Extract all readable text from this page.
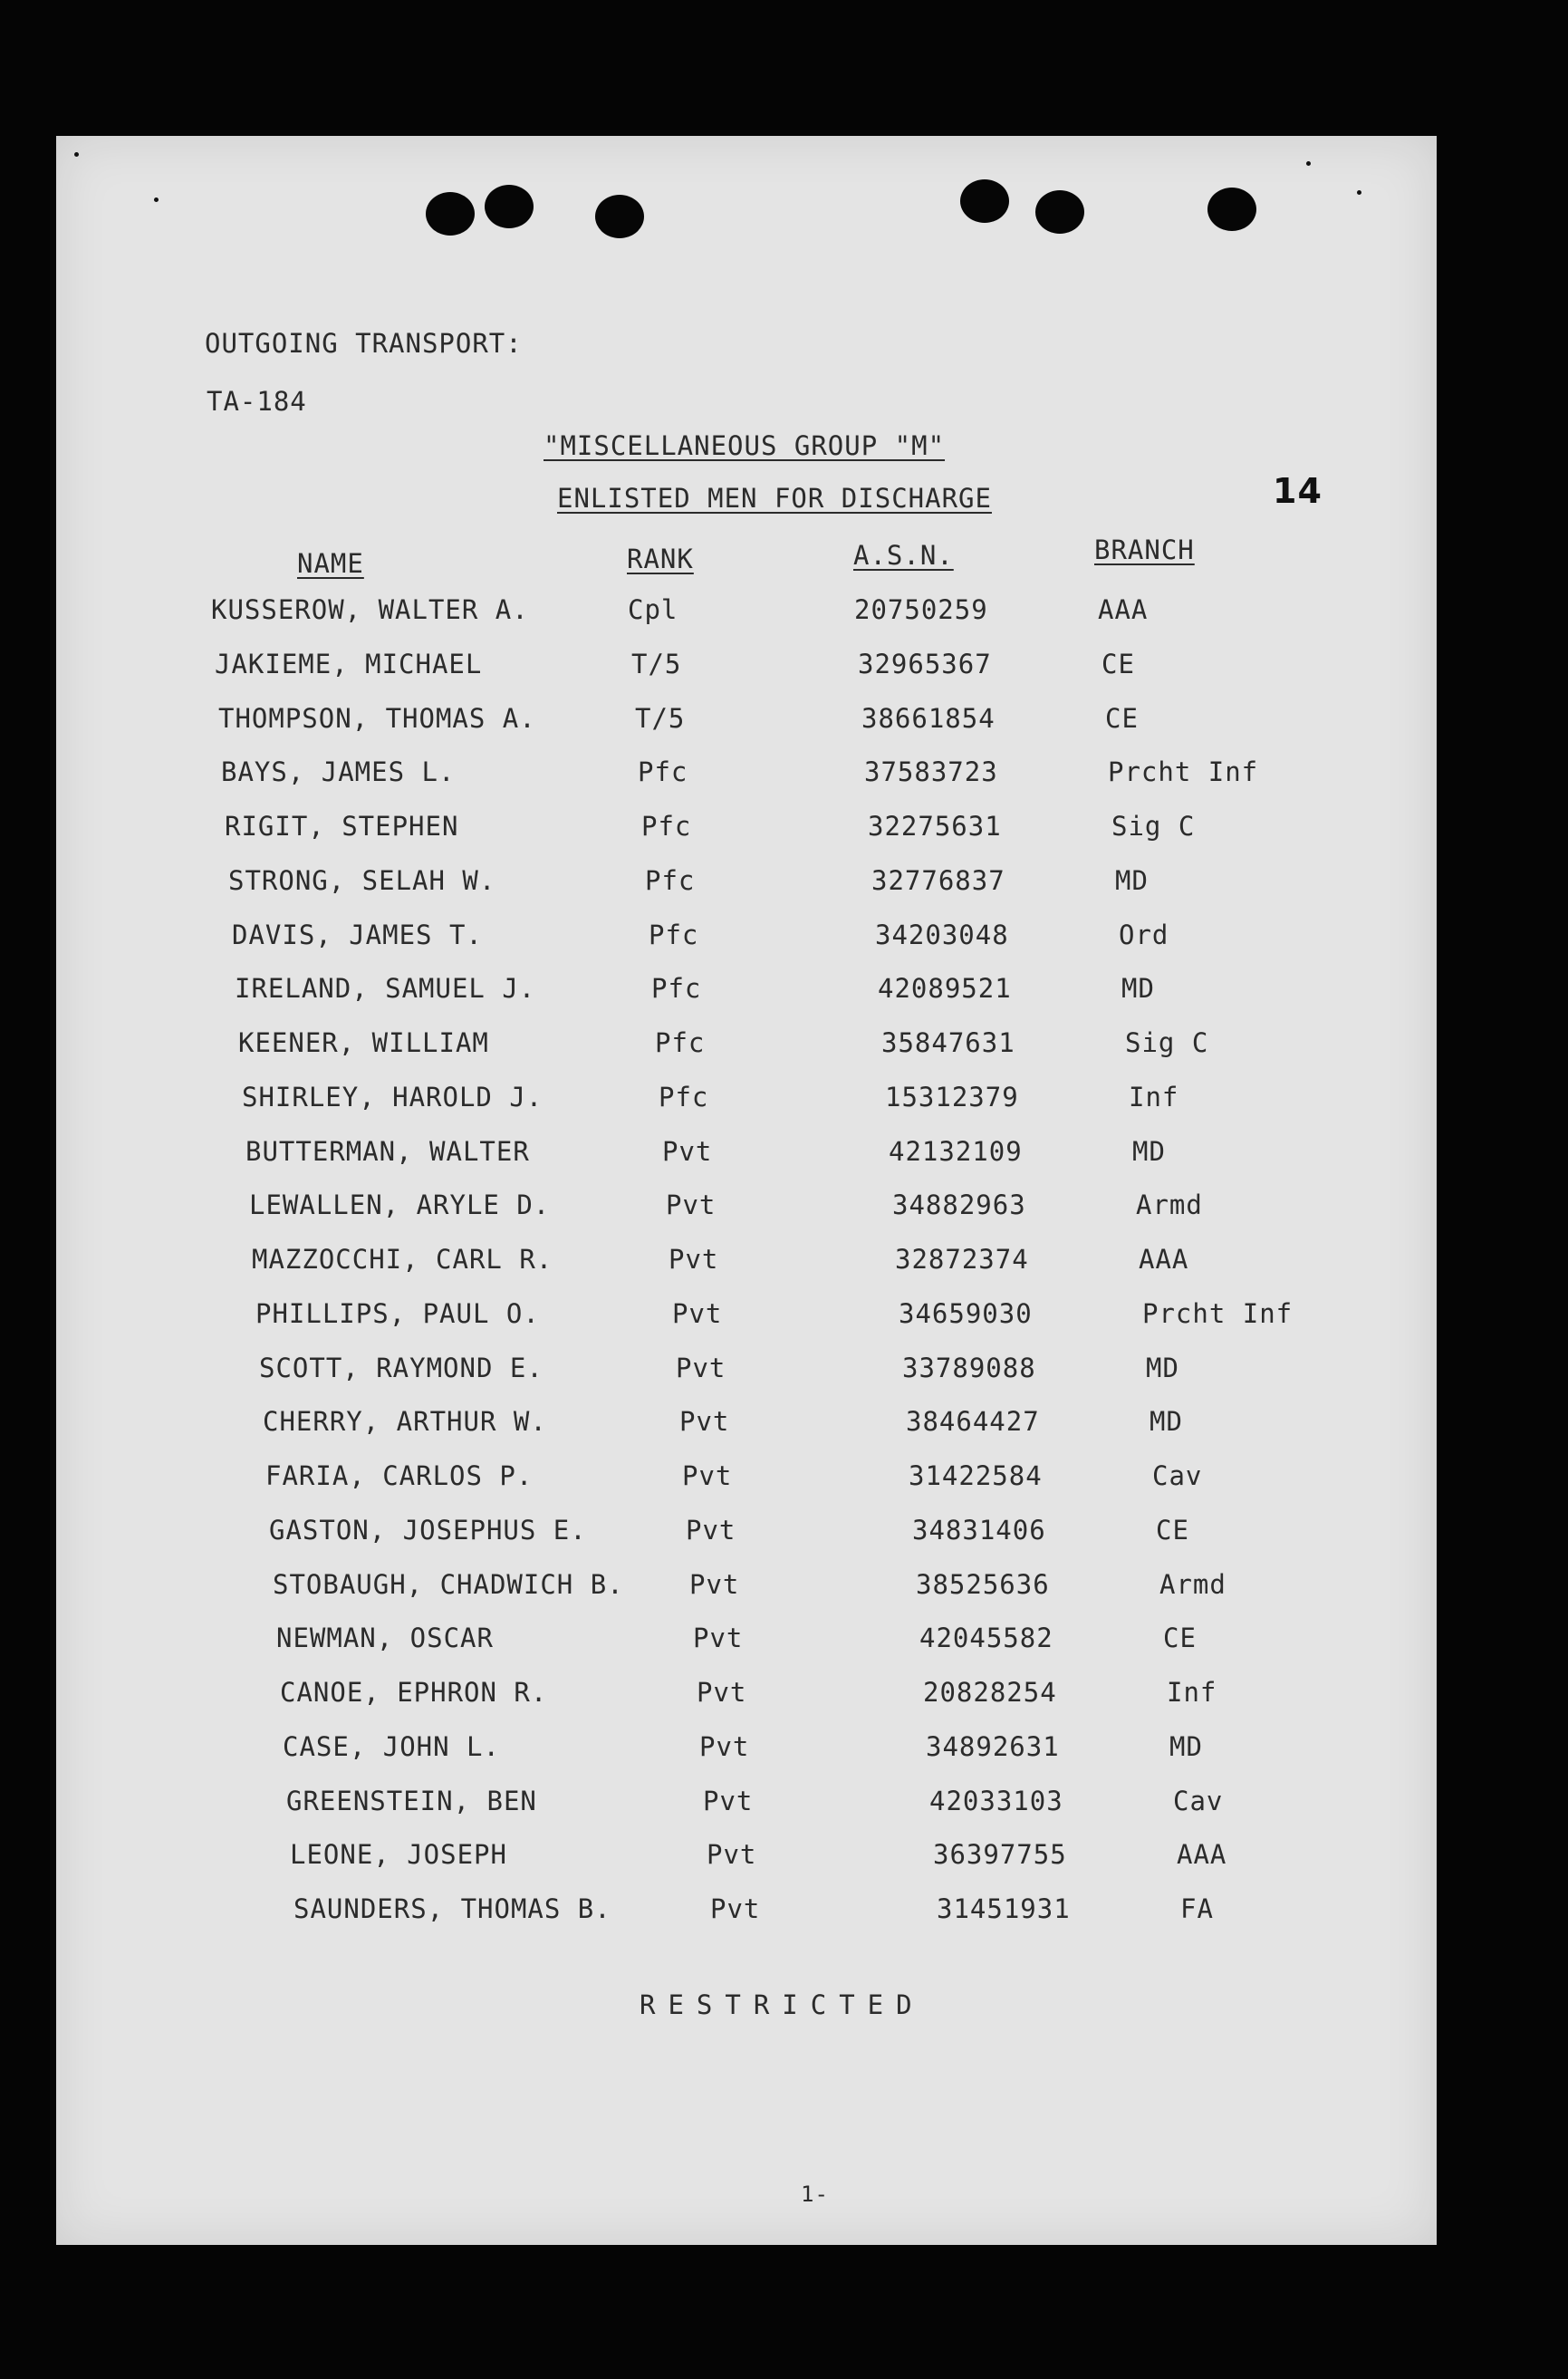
OUTGOING TRANSPORT:
TA-184
"MISCELLANEOUS GROUP "M"
ENLISTED MEN FOR DISCHARGE	14
NAME	RANK	A.S.N.	BRANCH
KUSSEROW, WALTER A.	Cpl	20750259	AAA
JAKIEME, MICHAEL	T/5	32965367	CE
THOMPSON, THOMAS A.	T/5	38661854	CE
BAYS, JAMES L.	Pfc	37583723	Prcht Inf
RIGIT, STEPHEN	Pfc	32275631	Sig C
STRONG, SELAH W.	Pfc	32776837	MD
DAVIS, JAMES T.	Pfc	34203048	Ord
IRELAND, SAMUEL J.	Pfc	42089521	MD
KEENER, WILLIAM	Pfc	35847631	Sig C
SHIRLEY, HAROLD J.	Pfc	15312379	Inf
BUTTERMAN, WALTER	Pvt	42132109	MD
LEWALLEN, ARYLE D.	Pvt	34882963	Armd
MAZZOCCHI, CARL R.	Pvt	32872374	AAA
PHILLIPS, PAUL O.	Pvt	34659030	Prcht Inf
SCOTT, RAYMOND E.	Pvt	33789088	MD
CHERRY, ARTHUR W.	Pvt	38464427	MD
FARIA, CARLOS P.	Pvt	31422584	Cav
GASTON, JOSEPHUS E.	Pvt	34831406	CE
STOBAUGH, CHADWICH B. Pvt	38525636	Armd
NEWMAN, OSCAR	Pvt	42045582	CE
CANOE, EPHRON R.	Pvt	20828254	Inf
CASE, JOHN L.	Pvt	34892631	MD
GREENSTEIN, BEN	Pvt	42033103	Cav
LEONE, JOSEPH	Pvt	36397755	AAA
SAUNDERS, THOMAS B.	Pvt	31451931	FA
RESTRICTED
1-
